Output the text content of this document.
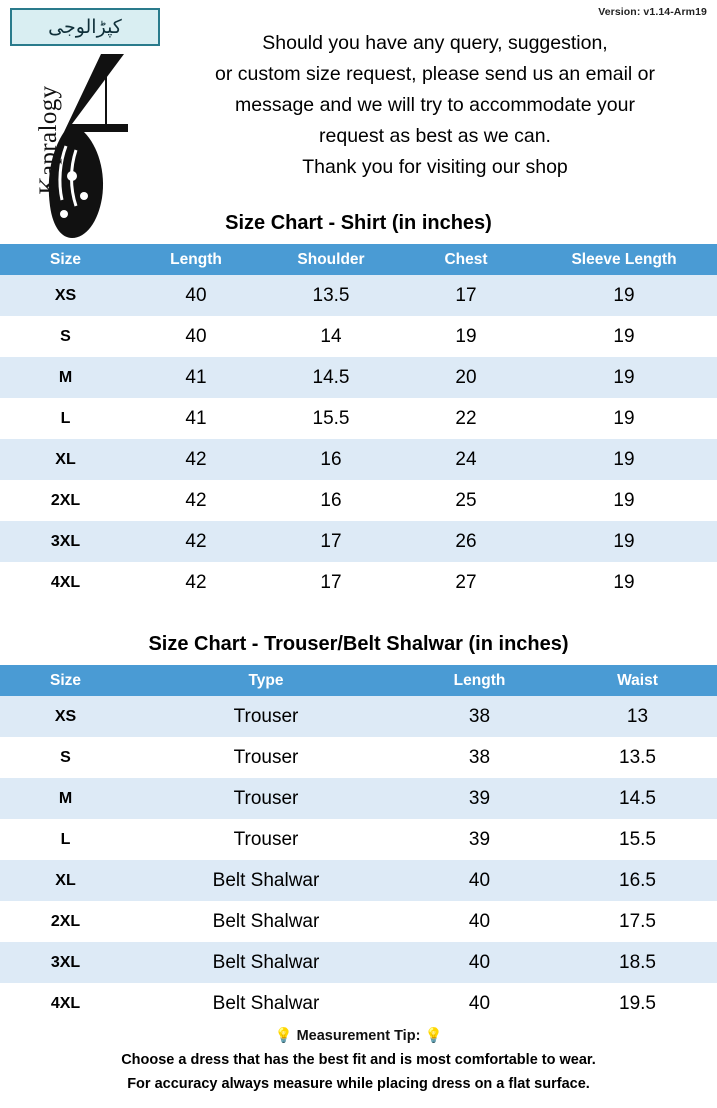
Version: v1.14-Arm19
کپڑالوجی
Kapralogy
Should you have any query, suggestion,
or custom size request, please send us an email or
message and we will try to accommodate your
request as best as we can.
Thank you for visiting our shop
Size Chart - Shirt (in inches)
Size	Length	Shoulder	Chest	Sleeve Length
XS	40	13.5	17	19
S	40	14	19	19
M	41	14.5	20	19
L	41	15.5	22	19
XL	42	16	24	19
2XL	42	16	25	19
3XL	42	17	26	19
4XL	42	17	27	19
Size Chart - Trouser/Belt Shalwar (in inches)
Size	Type	Length	Waist
XS	Trouser	38	13
S	Trouser	38	13.5
M	Trouser	39	14.5
L	Trouser	39	15.5
XL	Belt Shalwar	40	16.5
2XL	Belt Shalwar	40	17.5
3XL	Belt Shalwar	40	18.5
4XL	Belt Shalwar	40	19.5
💡 Measurement Tip: 💡
Choose a dress that has the best fit and is most comfortable to wear.
For accuracy always measure while placing dress on a flat surface.
